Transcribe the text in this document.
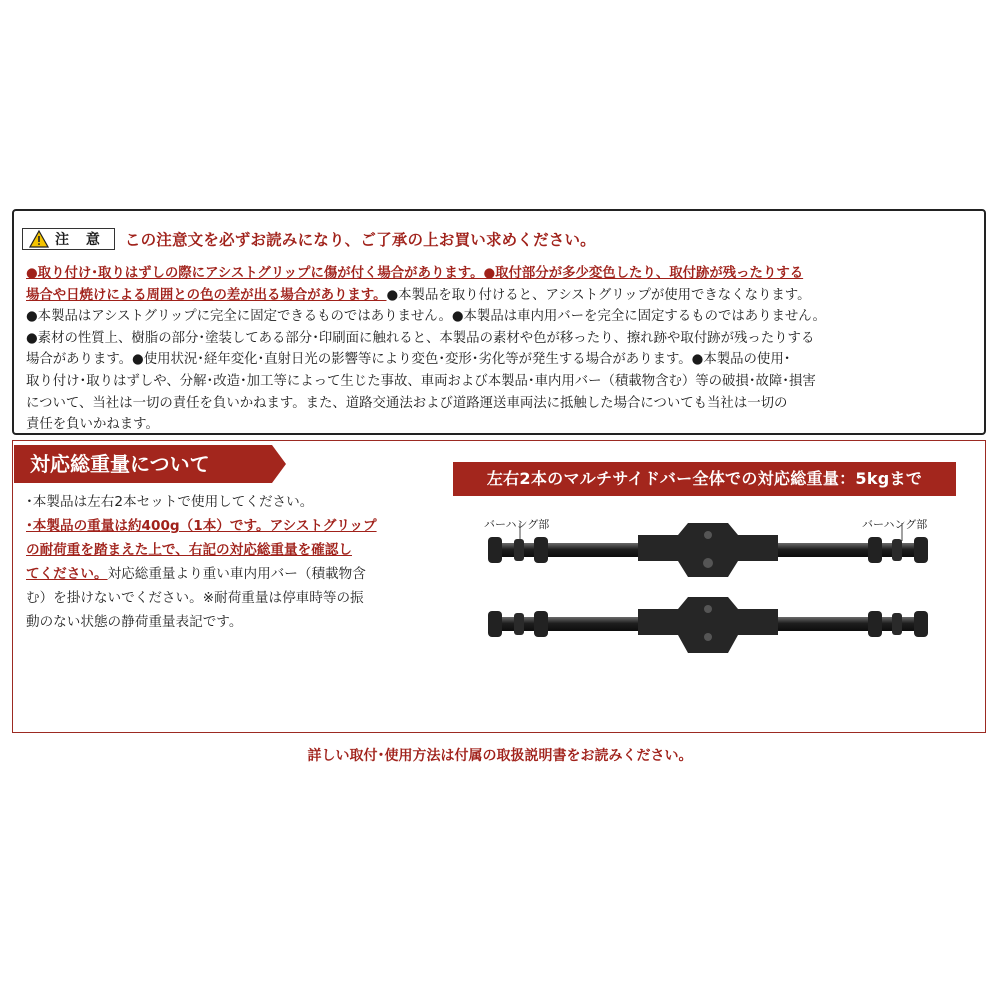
注 意 この注意文を必ずお読みになり、ご了承の上お買い求めください。
●取り付け･取りはずしの際にアシストグリップに傷が付く場合があります。●取付部分が多少変色したり、取付跡が残ったりする
場合や日焼けによる周囲との色の差が出る場合があります。●本製品を取り付けると、アシストグリップが使用できなくなります。
●本製品はアシストグリップに完全に固定できるものではありません。●本製品は車内用バーを完全に固定するものではありません。
●素材の性質上、樹脂の部分･塗装してある部分･印刷面に触れると、本製品の素材や色が移ったり、擦れ跡や取付跡が残ったりする
場合があります。●使用状況･経年変化･直射日光の影響等により変色･変形･劣化等が発生する場合があります。●本製品の使用･
取り付け･取りはずしや、分解･改造･加工等によって生じた事故、車両および本製品･車内用バー（積載物含む）等の破損･故障･損害
について、当社は一切の責任を負いかねます。また、道路交通法および道路運送車両法に抵触した場合についても当社は一切の
責任を負いかねます。
対応総重量について
･本製品は左右2本セットで使用してください。
･本製品の重量は約400g（1本）です。アシストグリップ
の耐荷重を踏まえた上で、右記の対応総重量を確認し
てください。対応総重量より重い車内用バー（積載物含
む）を掛けないでください。※耐荷重量は停車時等の振
動のない状態の静荷重量表記です。
左右2本のマルチサイドバー全体での対応総重量：5kgまで
バーハング部	バーハング部
詳しい取付･使用方法は付属の取扱説明書をお読みください。
